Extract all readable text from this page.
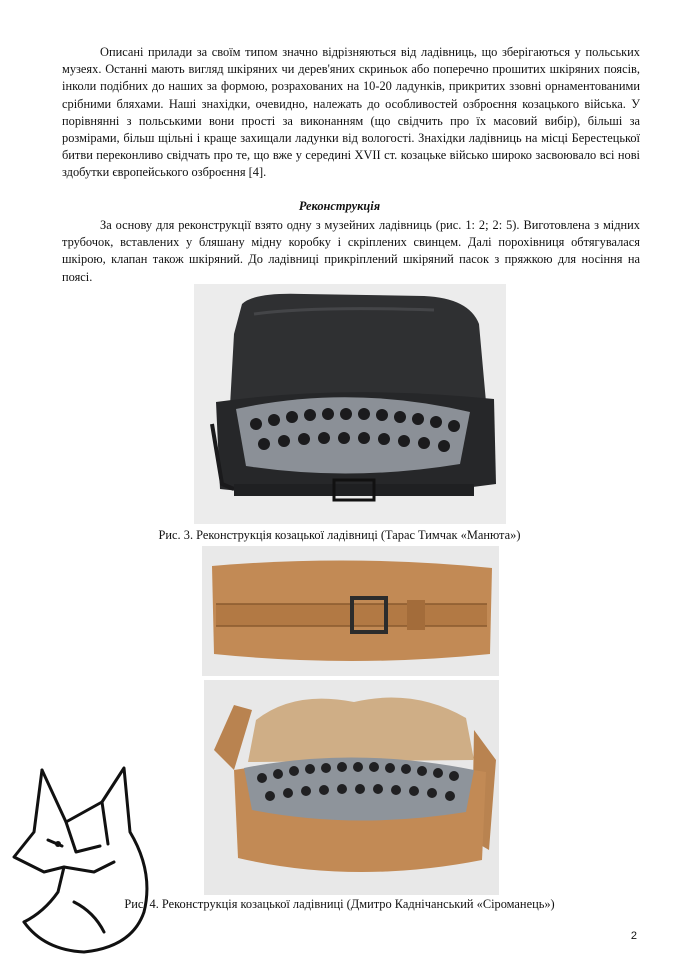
Описані прилади за своїм типом значно відрізняються від ладівниць, що зберігаються у польських музеях. Останні мають вигляд шкіряних чи дерев'яних скриньок або поперечно прошитих шкіряних поясів, інколи подібних до наших за формою, розрахованих на 10-20 ладунків, прикритих ззовні орнаментованими срібними бляхами. Наші знахідки, очевидно, належать до особливостей озброєння козацького війська. У порівнянні з польськими вони прості за виконанням (що свідчить про їх масовий вибір), більші за розмірами, більш щільні і краще захищали ладунки від вологості. Знахідки ладівниць на місці Берестецької битви переконливо свідчать про те, що вже у середині XVII ст. козацьке військо широко засвоювало всі нові здобутки європейського озброєння [4].

Реконструкція

За основу для реконструкції взято одну з музейних ладівниць (рис. 1: 2; 2: 5). Виготовлена з мідних трубочок, вставлених у бляшану мідну коробку і скріплених свинцем. Далі порохівниця обтягувалася шкірою, клапан також шкіряний. До ладівниці прикріплений шкіряний пасок з пряжкою для носіння на поясі.

Рис. 3. Реконструкція козацької ладівниці (Тарас Тимчак «Манюта»)
Рис. 4. Реконструкція козацької ладівниці (Дмитро Каднічанський «Сіроманець»)
2
